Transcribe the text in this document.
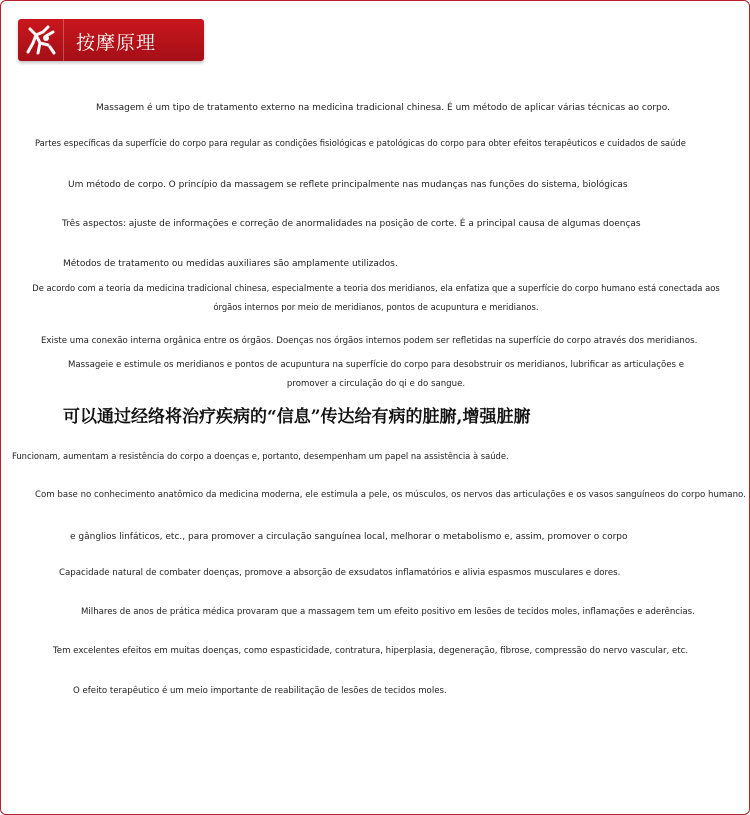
按摩原理
Massagem é um tipo de tratamento externo na medicina tradicional chinesa. É um método de aplicar várias técnicas ao corpo.
Partes específicas da superfície do corpo para regular as condições fisiológicas e patológicas do corpo para obter efeitos terapêuticos e cuidados de saúde
Um método de corpo. O princípio da massagem se reflete principalmente nas mudanças nas funções do sistema, biológicas
Três aspectos: ajuste de informações e correção de anormalidades na posição de corte. É a principal causa de algumas doenças
Métodos de tratamento ou medidas auxiliares são amplamente utilizados.
De acordo com a teoria da medicina tradicional chinesa, especialmente a teoria dos meridianos, ela enfatiza que a superfície do corpo humano está conectada aos órgãos internos por meio de meridianos, pontos de acupuntura e meridianos.
Existe uma conexão interna orgânica entre os órgãos. Doenças nos órgãos internos podem ser refletidas na superfície do corpo através dos meridianos.
Massageie e estimule os meridianos e pontos de acupuntura na superfície do corpo para desobstruir os meridianos, lubrificar as articulações e promover a circulação do qi e do sangue.
可以通过经络将治疗疾病的“信息”传达给有病的脏腑,增强脏腑
Funcionam, aumentam a resistência do corpo a doenças e, portanto, desempenham um papel na assistência à saúde.
Com base no conhecimento anatômico da medicina moderna, ele estimula a pele, os músculos, os nervos das articulações e os vasos sanguíneos do corpo humano.
e gânglios linfáticos, etc., para promover a circulação sanguínea local, melhorar o metabolismo e, assim, promover o corpo
Capacidade natural de combater doenças, promove a absorção de exsudatos inflamatórios e alivia espasmos musculares e dores.
Milhares de anos de prática médica provaram que a massagem tem um efeito positivo em lesões de tecidos moles, inflamações e aderências.
Tem excelentes efeitos em muitas doenças, como espasticidade, contratura, hiperplasia, degeneração, fibrose, compressão do nervo vascular, etc.
O efeito terapêutico é um meio importante de reabilitação de lesões de tecidos moles.
